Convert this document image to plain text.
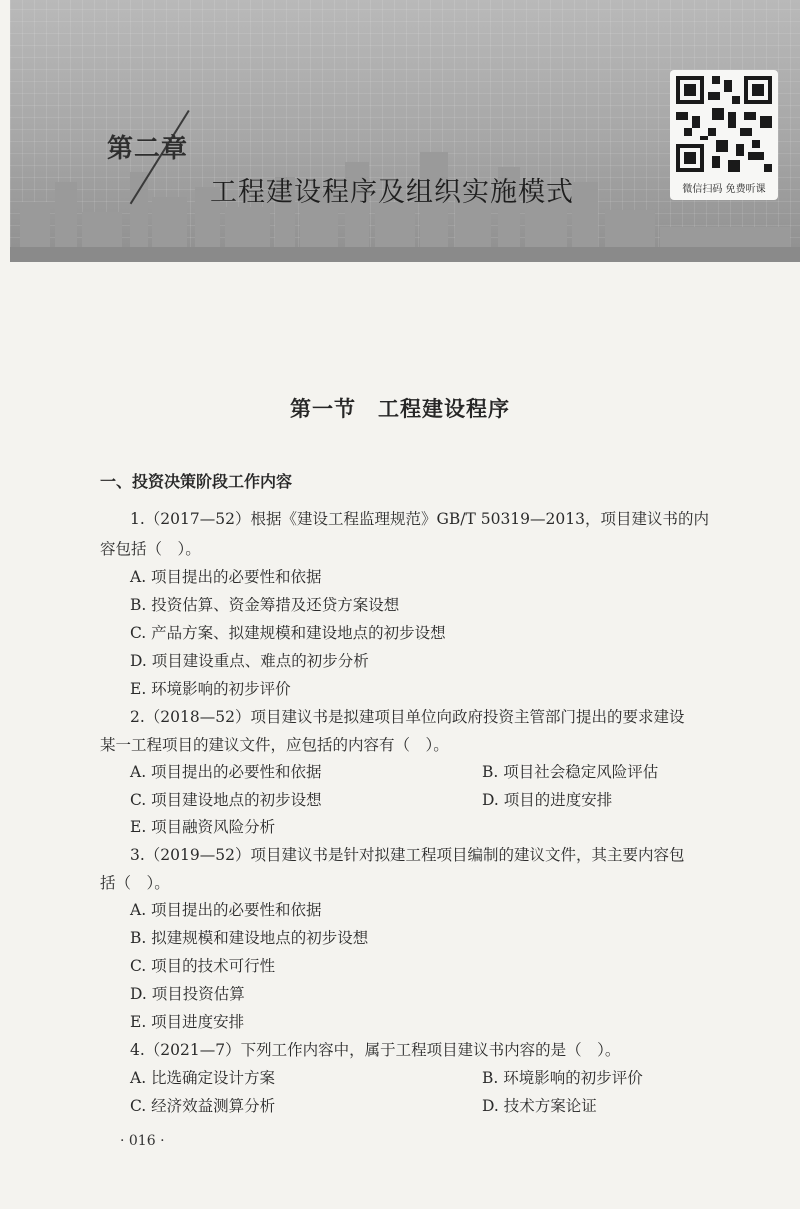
第二章
工程建设程序及组织实施模式	微信扫码 免费听课
第一节　工程建设程序
一、投资决策阶段工作内容
1.（2017—52）根据《建设工程监理规范》GB/T 50319—2013，项目建议书的内
容包括（　）。
A. 项目提出的必要性和依据
B. 投资估算、资金筹措及还贷方案设想
C. 产品方案、拟建规模和建设地点的初步设想
D. 项目建设重点、难点的初步分析
E. 环境影响的初步评价
2.（2018—52）项目建议书是拟建项目单位向政府投资主管部门提出的要求建设
某一工程项目的建议文件，应包括的内容有（　）。
A. 项目提出的必要性和依据	B. 项目社会稳定风险评估
C. 项目建设地点的初步设想	D. 项目的进度安排
E. 项目融资风险分析
3.（2019—52）项目建议书是针对拟建工程项目编制的建议文件，其主要内容包
括（　）。
A. 项目提出的必要性和依据
B. 拟建规模和建设地点的初步设想
C. 项目的技术可行性
D. 项目投资估算
E. 项目进度安排
4.（2021—7）下列工作内容中，属于工程项目建议书内容的是（　）。
A. 比选确定设计方案	B. 环境影响的初步评价
C. 经济效益测算分析	D. 技术方案论证
· 016 ·
